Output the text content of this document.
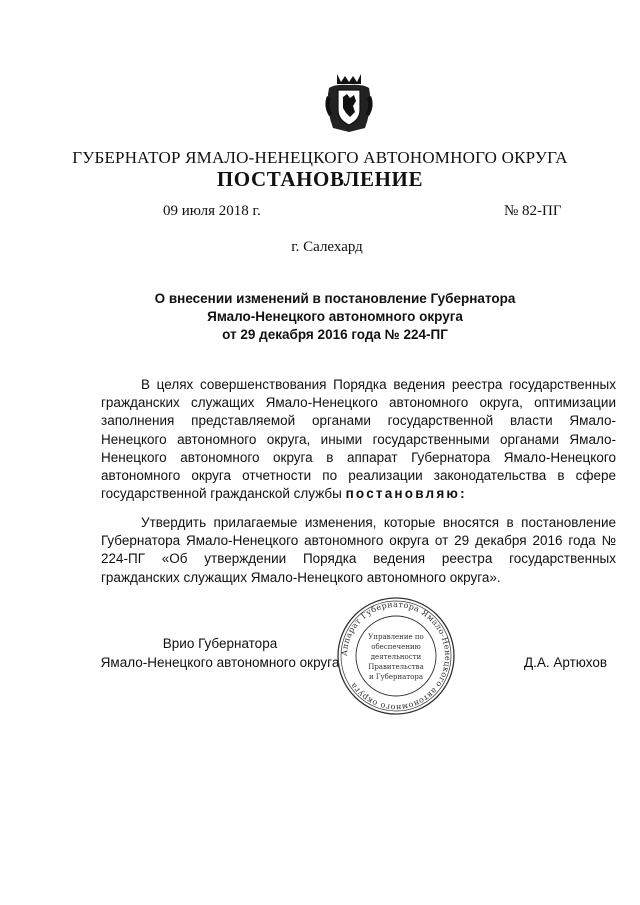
ГУБЕРНАТОР ЯМАЛО-НЕНЕЦКОГО АВТОНОМНОГО ОКРУГА
ПОСТАНОВЛЕНИЕ
09 июля 2018 г.	№ 82-ПГ
г. Салехард
О внесении изменений в постановление Губернатора
Ямало-Ненецкого автономного округа
от 29 декабря 2016 года № 224-ПГ

В целях совершенствования Порядка ведения реестра государственных гражданских служащих Ямало-Ненецкого автономного округа, оптимизации заполнения представляемой органами государственной власти Ямало-Ненецкого автономного округа, иными государственными органами Ямало-Ненецкого автономного округа в аппарат Губернатора Ямало-Ненецкого автономного округа отчетности по реализации законодательства в сфере государственной гражданской службы постановляю:

Утвердить прилагаемые изменения, которые вносятся в постановление Губернатора Ямало-Ненецкого автономного округа от 29 декабря 2016 года № 224-ПГ «Об утверждении Порядка ведения реестра государственных гражданских служащих Ямало-Ненецкого автономного округа».

Врио Губернатора
Ямало-Ненецкого автономного округа
Аппарат Губернатора Ямало-Ненецкого автономного округа
Управление по
обеспечению
деятельности
Правительства
и Губернатора
Д.А. Артюхов
